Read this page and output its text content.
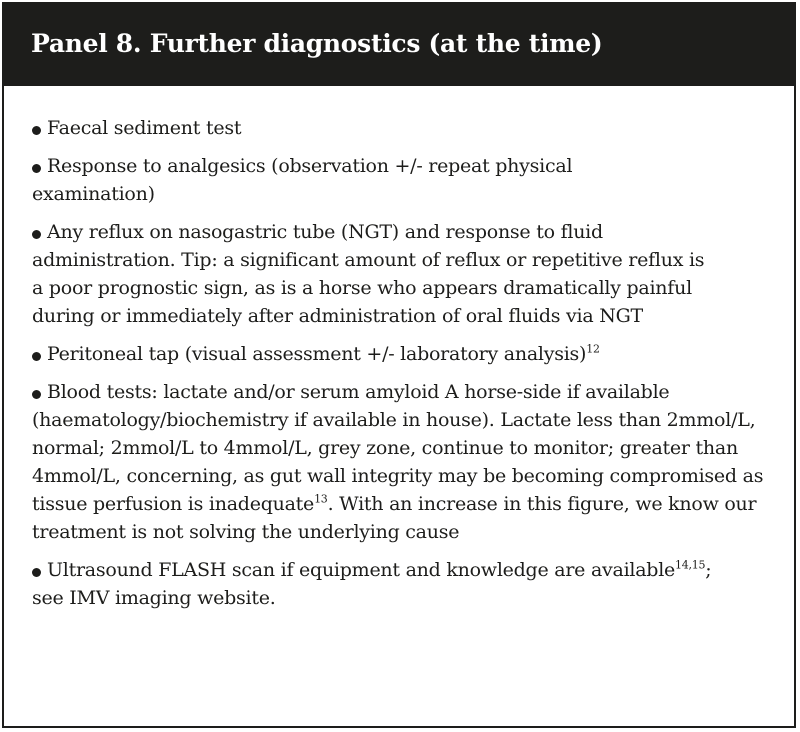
Panel 8. Further diagnostics (at the time)
Faecal sediment test
Response to analgesics (observation +/- repeat physical examination)
Any reflux on nasogastric tube (NGT) and response to fluid administration. Tip: a significant amount of reflux or repetitive reflux is a poor prognostic sign, as is a horse who appears dramatically painful during or immediately after administration of oral fluids via NGT
Peritoneal tap (visual assessment +/- laboratory analysis)$^{12}$
Blood tests: lactate and/or serum amyloid A horse-side if available (haematology/biochemistry if available in house). Lactate less than 2mmol/L, normal; 2mmol/L to 4mmol/L, grey zone, continue to monitor; greater than 4mmol/L, concerning, as gut wall integrity may be becoming compromised as tissue perfusion is inadequate$^{13}$. With an increase in this figure, we know our treatment is not solving the underlying cause
Ultrasound FLASH scan if equipment and knowledge are available$^{14,15}$; see IMV imaging website.
